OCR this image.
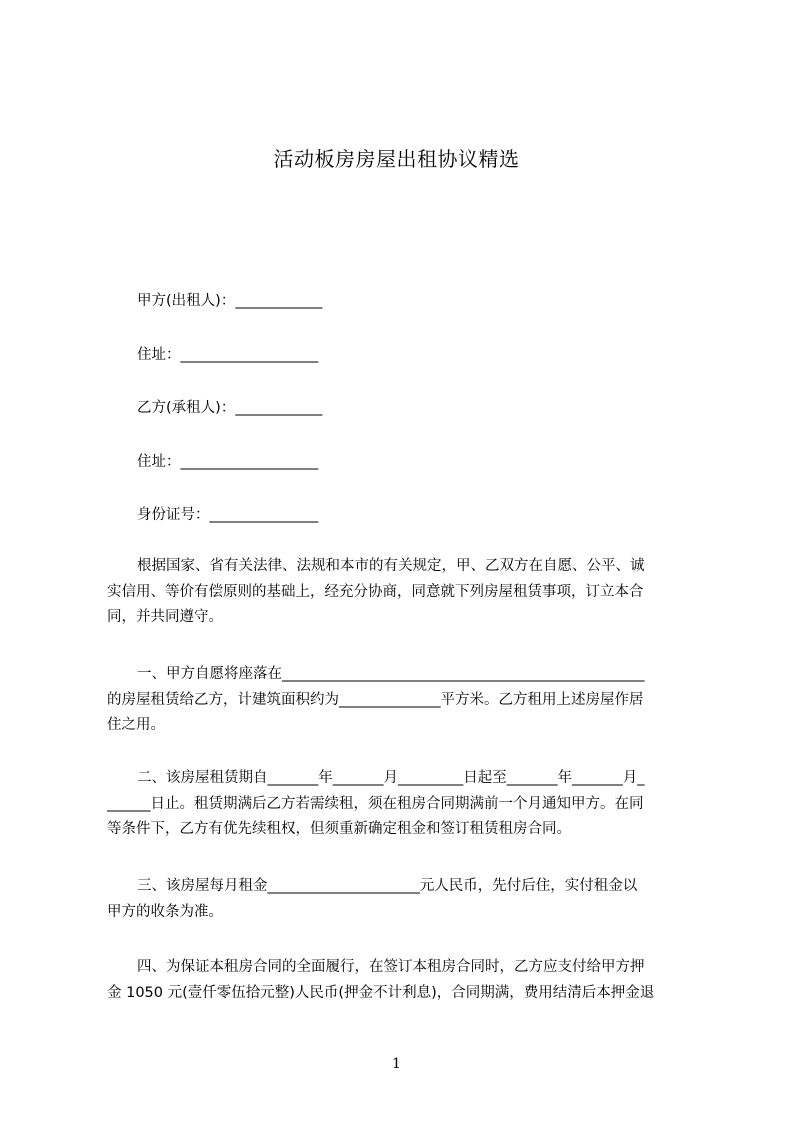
活动板房房屋出租协议精选
甲方(出租人)：____________
住址：___________________
乙方(承租人)：____________
住址：___________________
身份证号：_______________
根据国家、省有关法律、法规和本市的有关规定，甲、乙双方在自愿、公平、诚
实信用、等价有偿原则的基础上，经充分协商，同意就下列房屋租赁事项，订立本合
同，并共同遵守。
一、甲方自愿将座落在__________________________________________________
的房屋租赁给乙方，计建筑面积约为______________平方米。乙方租用上述房屋作居
住之用。
二、该房屋租赁期自_______年_______月_________日起至_______年_______月_
______日止。租赁期满后乙方若需续租，须在租房合同期满前一个月通知甲方。在同
等条件下，乙方有优先续租权，但须重新确定租金和签订租赁租房合同。
三、该房屋每月租金_____________________元人民币，先付后住，实付租金以
甲方的收条为准。
四、为保证本租房合同的全面履行，在签订本租房合同时，乙方应支付给甲方押
金 1050 元(壹仟零伍拾元整)人民币(押金不计利息)，合同期满，费用结清后本押金退
1
